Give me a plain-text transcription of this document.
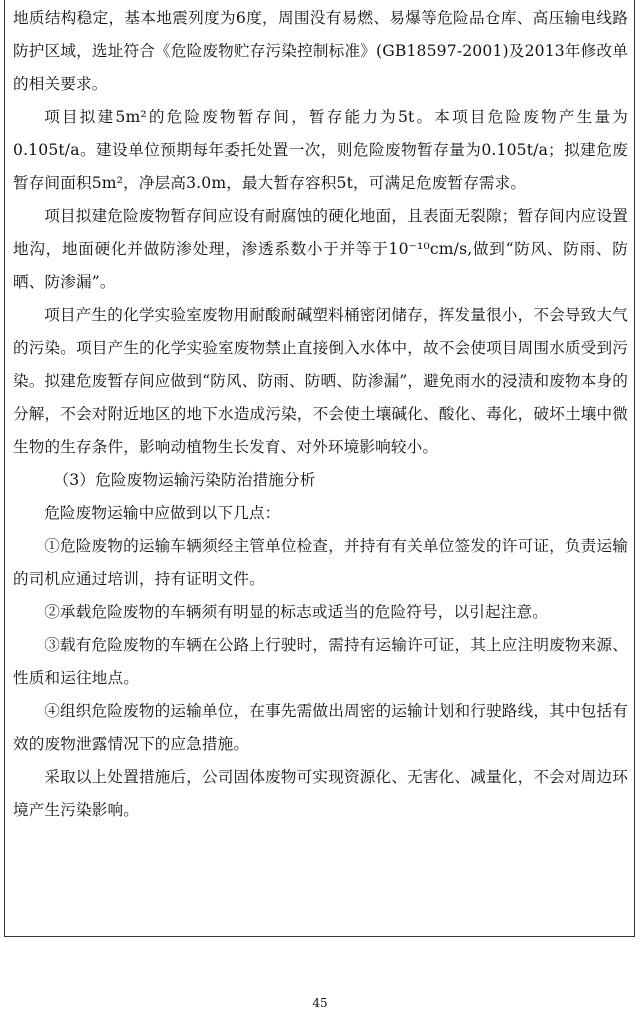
地质结构稳定，基本地震列度为6度，周围没有易燃、易爆等危险品仓库、高压输电线路防护区域，选址符合《危险废物贮存污染控制标准》(GB18597-2001)及2013年修改单的相关要求。

项目拟建5m²的危险废物暂存间，暂存能力为5t。本项目危险废物产生量为0.105t/a。建设单位预期每年委托处置一次，则危险废物暂存量为0.105t/a；拟建危废暂存间面积5m²，净层高3.0m，最大暂存容积5t，可满足危废暂存需求。

项目拟建危险废物暂存间应设有耐腐蚀的硬化地面，且表面无裂隙；暂存间内应设置地沟，地面硬化并做防渗处理，渗透系数小于并等于10⁻¹⁰cm/s,做到“防风、防雨、防晒、防渗漏”。

项目产生的化学实验室废物用耐酸耐碱塑料桶密闭储存，挥发量很小，不会导致大气的污染。项目产生的化学实验室废物禁止直接倒入水体中，故不会使项目周围水质受到污染。拟建危废暂存间应做到“防风、防雨、防晒、防渗漏”，避免雨水的浸渍和废物本身的分解，不会对附近地区的地下水造成污染，不会使土壤碱化、酸化、毒化，破坏土壤中微生物的生存条件，影响动植物生长发育、对外环境影响较小。

（3）危险废物运输污染防治措施分析

危险废物运输中应做到以下几点：

①危险废物的运输车辆须经主管单位检查，并持有有关单位签发的许可证，负责运输的司机应通过培训，持有证明文件。

②承载危险废物的车辆须有明显的标志或适当的危险符号，以引起注意。

③载有危险废物的车辆在公路上行驶时，需持有运输许可证，其上应注明废物来源、性质和运往地点。

④组织危险废物的运输单位，在事先需做出周密的运输计划和行驶路线，其中包括有效的废物泄露情况下的应急措施。

采取以上处置措施后，公司固体废物可实现资源化、无害化、减量化，不会对周边环境产生污染影响。

45
